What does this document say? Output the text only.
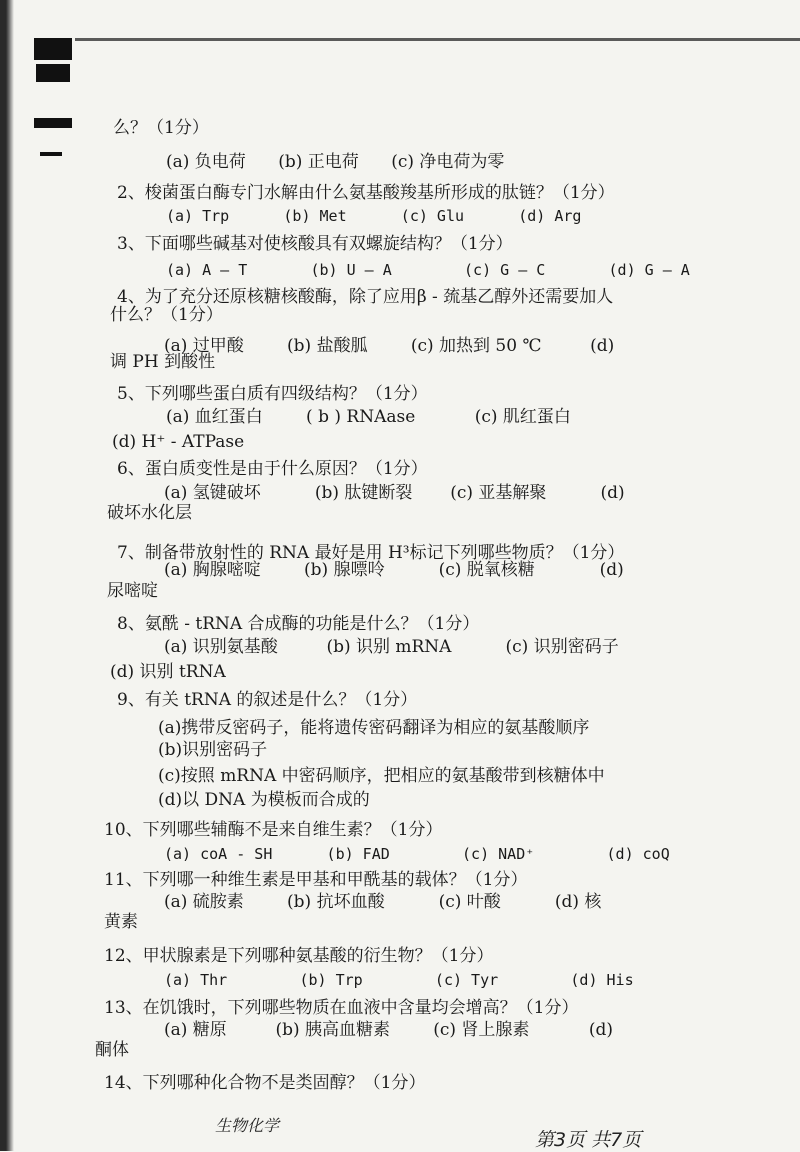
么？（1分）
(a) 负电荷      (b) 正电荷      (c) 净电荷为零
2、梭菌蛋白酶专门水解由什么氨基酸羧基所形成的肽链？（1分）
(a) Trp      (b) Met      (c) Glu      (d) Arg
3、下面哪些碱基对使核酸具有双螺旋结构？（1分）
(a) A — T       (b) U — A        (c) G — C       (d) G — A
4、为了充分还原核糖核酸酶，除了应用β - 巯基乙醇外还需要加人
什么？（1分）
(a) 过甲酸        (b) 盐酸胍        (c) 加热到 50 ℃         (d)
调 PH 到酸性
5、下列哪些蛋白质有四级结构？（1分）
(a) 血红蛋白        ( b ) RNAase           (c) 肌红蛋白
(d) H⁺ - ATPase
6、蛋白质变性是由于什么原因？（1分）
(a) 氢键破坏          (b) 肽键断裂       (c) 亚基解聚          (d)
破坏水化层
7、制备带放射性的 RNA 最好是用 H³标记下列哪些物质？（1分）
(a) 胸腺嘧啶        (b) 腺嘌呤          (c) 脱氧核糖            (d)
尿嘧啶
8、氨酰 - tRNA 合成酶的功能是什么？（1分）
(a) 识别氨基酸         (b) 识别 mRNA          (c) 识别密码子
(d) 识别 tRNA
9、有关 tRNA 的叙述是什么？（1分）
(a)携带反密码子，能将遗传密码翻译为相应的氨基酸顺序
(b)识别密码子
(c)按照 mRNA 中密码顺序，把相应的氨基酸带到核糖体中
(d)以 DNA 为模板而合成的
10、下列哪些辅酶不是来自维生素？（1分）
(a) coA - SH      (b) FAD        (c) NAD⁺        (d) coQ
11、下列哪一种维生素是甲基和甲酰基的载体？（1分）
(a) 硫胺素        (b) 抗坏血酸          (c) 叶酸          (d) 核
黄素
12、甲状腺素是下列哪种氨基酸的衍生物？（1分）
(a) Thr        (b) Trp        (c) Tyr        (d) His
13、在饥饿时，下列哪些物质在血液中含量均会增高？（1分）
(a) 糖原         (b) 胰高血糖素        (c) 肾上腺素           (d)
酮体
14、下列哪种化合物不是类固醇？（1分）
生物化学
第3页 共7页
